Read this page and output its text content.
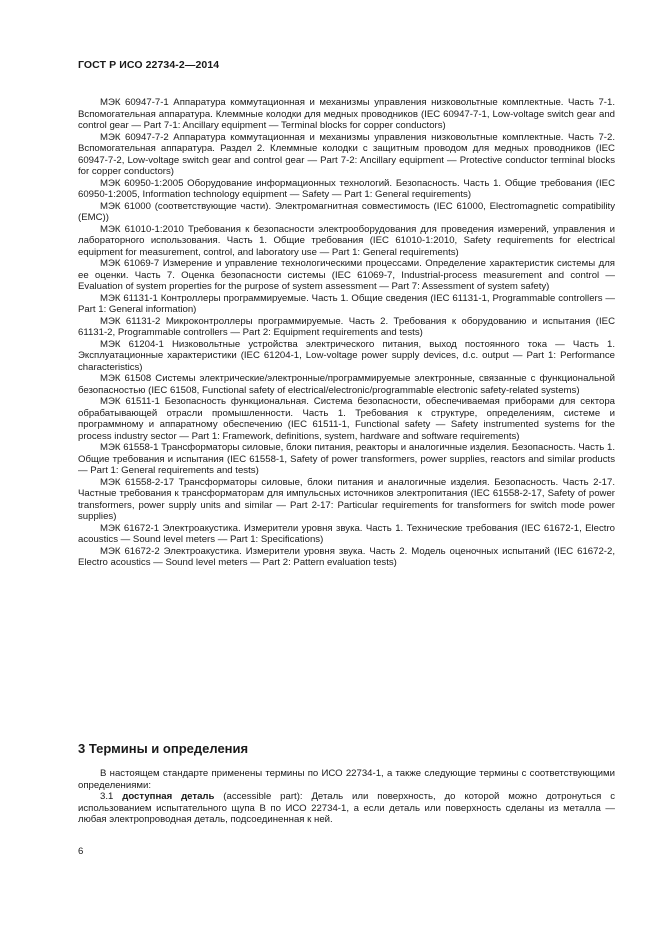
ГОСТ Р ИСО 22734-2—2014

МЭК 60947-7-1 Аппаратура коммутационная и механизмы управления низковольтные комплектные. Часть 7-1. Вспомогательная аппаратура. Клеммные колодки для медных проводников (IEC 60947-7-1, Low-voltage switch gear and control gear — Part 7-1: Ancillary equipment — Terminal blocks for copper conductors)

МЭК 60947-7-2 Аппаратура коммутационная и механизмы управления низковольтные комплектные. Часть 7-2. Вспомогательная аппаратура. Раздел 2. Клеммные колодки с защитным проводом для медных проводников (IEC 60947-7-2, Low-voltage switch gear and control gear — Part 7-2: Ancillary equipment — Protective conductor terminal blocks for copper conductors)

МЭК 60950-1:2005 Оборудование информационных технологий. Безопасность. Часть 1. Общие требования (IEC 60950-1:2005, Information technology equipment — Safety — Part 1: General requirements)

МЭК 61000 (соответствующие части). Электромагнитная совместимость (IEC 61000, Electromagnetic compatibility (EMC))

МЭК 61010-1:2010 Требования к безопасности электрооборудования для проведения измерений, управления и лабораторного использования. Часть 1. Общие требования (IEC 61010-1:2010, Safety requirements for electrical equipment for measurement, control, and laboratory use — Part 1: General requirements)

МЭК 61069-7 Измерение и управление технологическими процессами. Определение характеристик системы для ее оценки. Часть 7. Оценка безопасности системы (IEC 61069-7, Industrial-process measurement and control — Evaluation of system properties for the purpose of system assessment — Part 7: Assessment of system safety)

МЭК 61131-1 Контроллеры программируемые. Часть 1. Общие сведения (IEC 61131-1, Programmable controllers — Part 1: General information)

МЭК 61131-2 Микроконтроллеры программируемые. Часть 2. Требования к оборудованию и испытания (IEC 61131-2, Programmable controllers — Part 2: Equipment requirements and tests)

МЭК 61204-1 Низковольтные устройства электрического питания, выход постоянного тока — Часть 1. Эксплуатационные характеристики (IEC 61204-1, Low-voltage power supply devices, d.c. output — Part 1: Performance characteristics)

МЭК 61508 Системы электрические/электронные/программируемые электронные, связанные с функциональной безопасностью (IEC 61508, Functional safety of electrical/electronic/programmable electronic safety-related systems)

МЭК 61511-1 Безопасность функциональная. Система безопасности, обеспечиваемая приборами для сектора обрабатывающей отрасли промышленности. Часть 1. Требования к структуре, определениям, системе и программному и аппаратному обеспечению (IEC 61511-1, Functional safety — Safety instrumented systems for the process industry sector — Part 1: Framework, definitions, system, hardware and software requirements)

МЭК 61558-1 Трансформаторы силовые, блоки питания, реакторы и аналогичные изделия. Безопасность. Часть 1. Общие требования и испытания (IEC 61558-1, Safety of power transformers, power supplies, reactors and similar products — Part 1: General requirements and tests)

МЭК 61558-2-17 Трансформаторы силовые, блоки питания и аналогичные изделия. Безопасность. Часть 2-17. Частные требования к трансформаторам для импульсных источников электропитания (IEC 61558-2-17, Safety of power transformers, power supply units and similar — Part 2-17: Particular requirements for transformers for switch mode power supplies)

МЭК 61672-1 Электроакустика. Измерители уровня звука. Часть 1. Технические требования (IEC 61672-1, Electro acoustics — Sound level meters — Part 1: Specifications)

МЭК 61672-2 Электроакустика. Измерители уровня звука. Часть 2. Модель оценочных испытаний (IEC 61672-2, Electro acoustics — Sound level meters — Part 2: Pattern evaluation tests)

3 Термины и определения

В настоящем стандарте применены термины по ИСО 22734-1, а также следующие термины с соответствующими определениями:

3.1 доступная деталь (accessible part): Деталь или поверхность, до которой можно дотронуться с использованием испытательного щупа B по ИСО 22734-1, а если деталь или поверхность сделаны из металла — любая электропроводная деталь, подсоединенная к ней.

6
